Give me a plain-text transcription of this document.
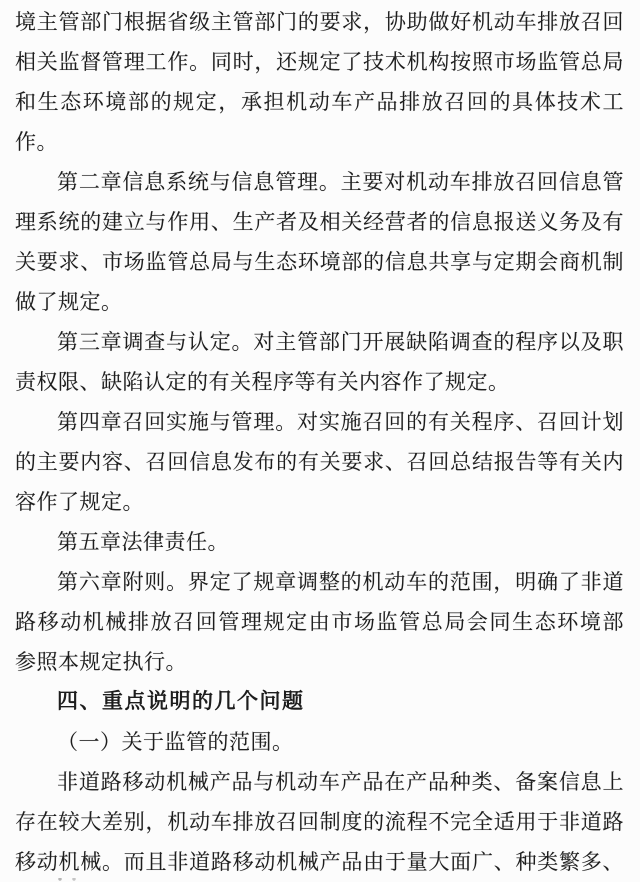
境主管部门根据省级主管部门的要求，协助做好机动车排放召回
相关监督管理工作。同时，还规定了技术机构按照市场监管总局
和生态环境部的规定，承担机动车产品排放召回的具体技术工
作。
第二章信息系统与信息管理。主要对机动车排放召回信息管
理系统的建立与作用、生产者及相关经营者的信息报送义务及有
关要求、市场监管总局与生态环境部的信息共享与定期会商机制
做了规定。
第三章调查与认定。对主管部门开展缺陷调查的程序以及职
责权限、缺陷认定的有关程序等有关内容作了规定。
第四章召回实施与管理。对实施召回的有关程序、召回计划
的主要内容、召回信息发布的有关要求、召回总结报告等有关内
容作了规定。
第五章法律责任。
第六章附则。界定了规章调整的机动车的范围，明确了非道
路移动机械排放召回管理规定由市场监管总局会同生态环境部
参照本规定执行。
四、重点说明的几个问题
（一）关于监管的范围。
非道路移动机械产品与机动车产品在产品种类、备案信息上
存在较大差别，机动车排放召回制度的流程不完全适用于非道路
移动机械。而且非道路移动机械产品由于量大面广、种类繁多、
